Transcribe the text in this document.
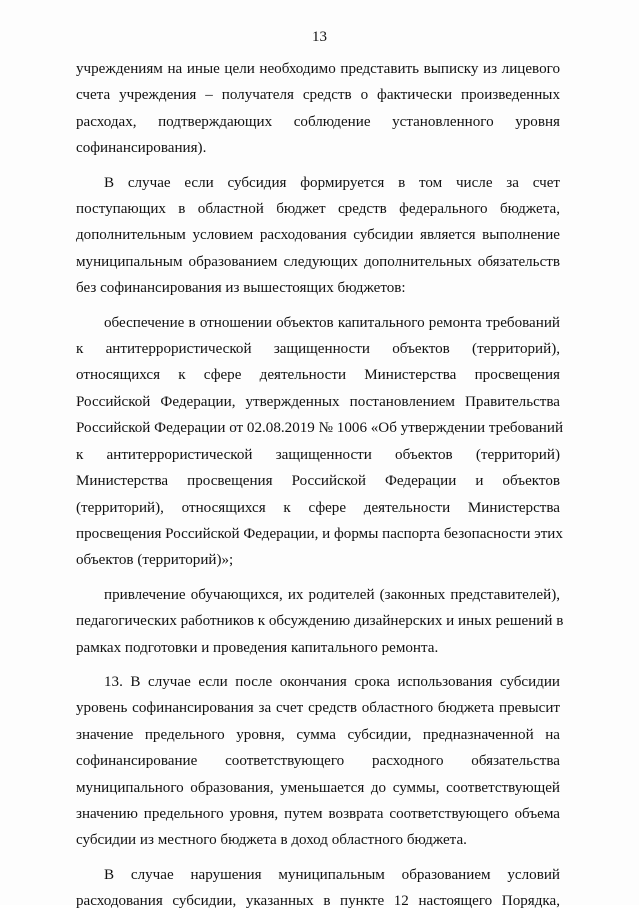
13
учреждениям на иные цели необходимо представить выписку из лицевого
счета учреждения – получателя средств о фактически произведенных
расходах, подтверждающих соблюдение установленного уровня
софинансирования).
В случае если субсидия формируется в том числе за счет
поступающих в областной бюджет средств федерального бюджета,
дополнительным условием расходования субсидии является выполнение
муниципальным образованием следующих дополнительных обязательств
без софинансирования из вышестоящих бюджетов:
обеспечение в отношении объектов капитального ремонта требований
к антитеррористической защищенности объектов (территорий),
относящихся к сфере деятельности Министерства просвещения
Российской Федерации, утвержденных постановлением Правительства
Российской Федерации от 02.08.2019 № 1006 «Об утверждении требований
к антитеррористической защищенности объектов (территорий)
Министерства просвещения Российской Федерации и объектов
(территорий), относящихся к сфере деятельности Министерства
просвещения Российской Федерации, и формы паспорта безопасности этих
объектов (территорий)»;
привлечение обучающихся, их родителей (законных представителей),
педагогических работников к обсуждению дизайнерских и иных решений в
рамках подготовки и проведения капитального ремонта.
13. В случае если после окончания срока использования субсидии
уровень софинансирования за счет средств областного бюджета превысит
значение предельного уровня, сумма субсидии, предназначенной на
софинансирование соответствующего расходного обязательства
муниципального образования, уменьшается до суммы, соответствующей
значению предельного уровня, путем возврата соответствующего объема
субсидии из местного бюджета в доход областного бюджета.
В случае нарушения муниципальным образованием условий
расходования субсидии, указанных в пункте 12 настоящего Порядка,
